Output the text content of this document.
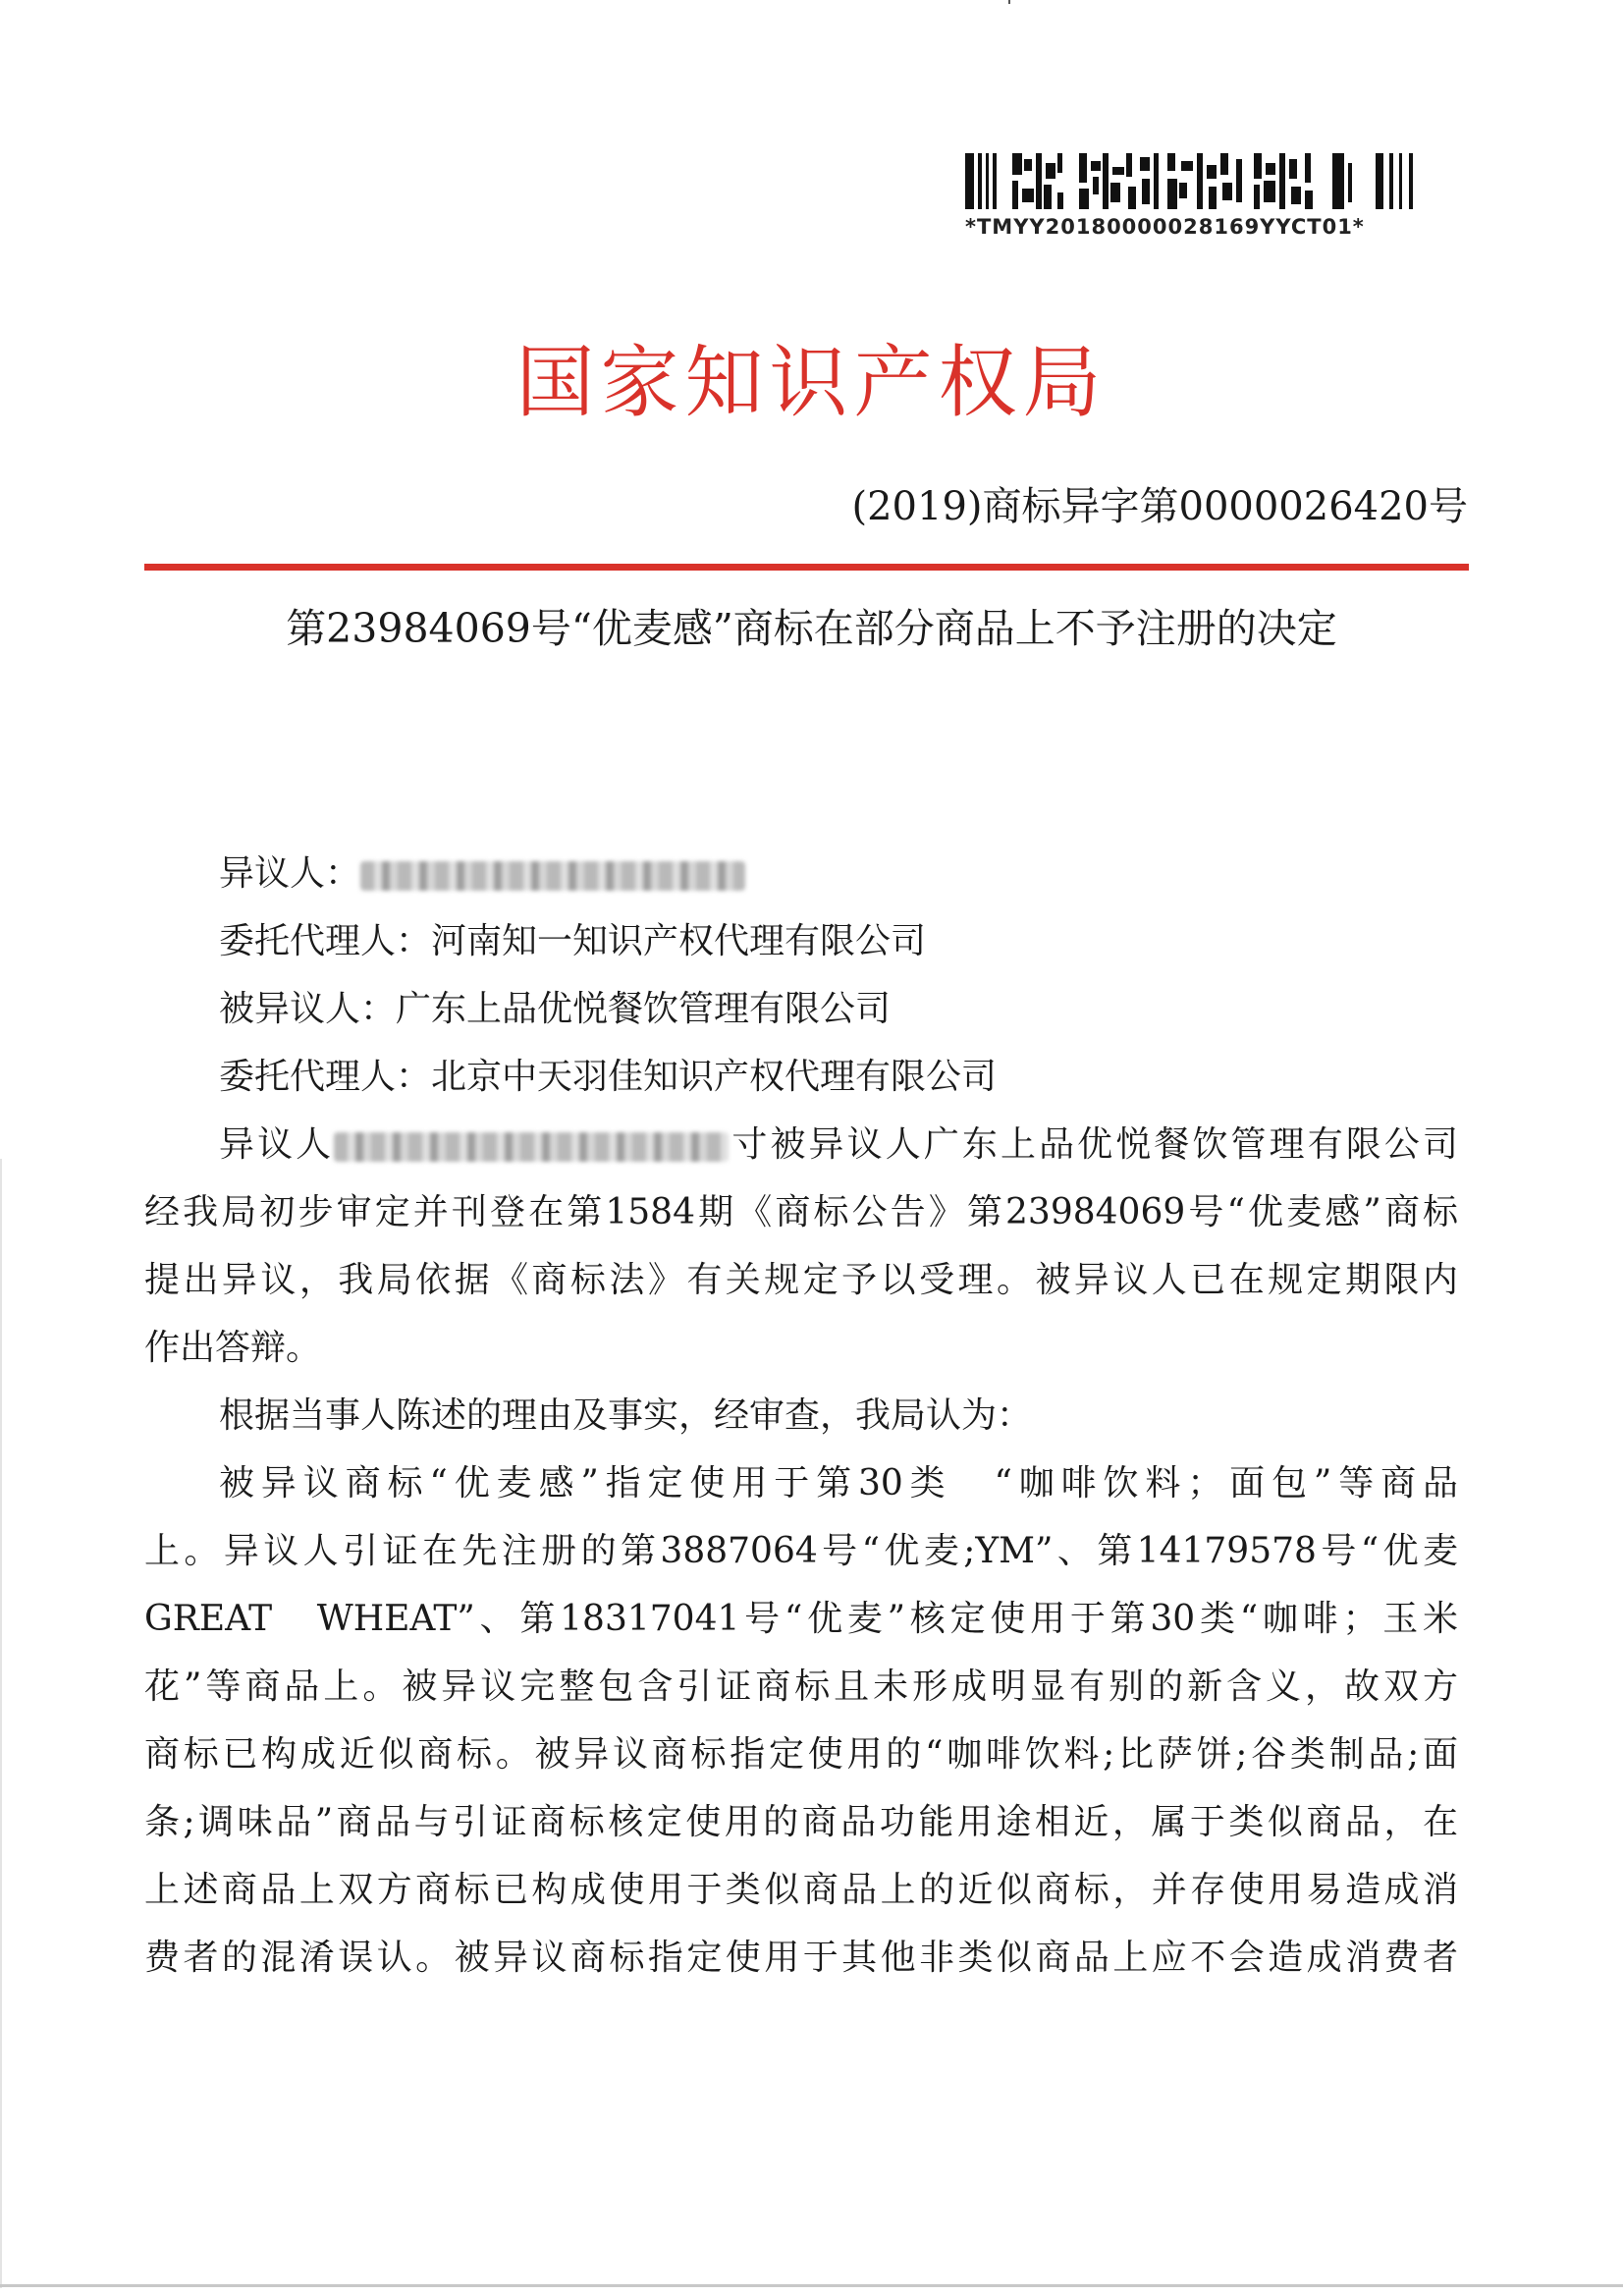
*TMYY20180000028169YYCT01*
国家知识产权局
(2019)商标异字第0000026420号
第23984069号“优麦感”商标在部分商品上不予注册的决定
异议人：
委托代理人：河南知一知识产权代理有限公司
被异议人：广东上品优悦餐饮管理有限公司
委托代理人：北京中天羽佳知识产权代理有限公司
异议人	寸被异议人广东上品优悦餐饮管理有限公司
经我局初步审定并刊登在第1584期《商标公告》第23984069号“优麦感”商标
提出异议，我局依据《商标法》有关规定予以受理。被异议人已在规定期限内
作出答辩。
根据当事人陈述的理由及事实，经审查，我局认为：
被异议商标“优麦感”指定使用于第30类　“咖啡饮料；面包”等商品
上。异议人引证在先注册的第3887064号“优麦;YM”、第14179578号“优麦
GREAT　WHEAT”、第18317041号“优麦”核定使用于第30类“咖啡；玉米
花”等商品上。被异议完整包含引证商标且未形成明显有别的新含义，故双方
商标已构成近似商标。被异议商标指定使用的“咖啡饮料;比萨饼;谷类制品;面
条;调味品”商品与引证商标核定使用的商品功能用途相近，属于类似商品，在
上述商品上双方商标已构成使用于类似商品上的近似商标，并存使用易造成消
费者的混淆误认。被异议商标指定使用于其他非类似商品上应不会造成消费者
